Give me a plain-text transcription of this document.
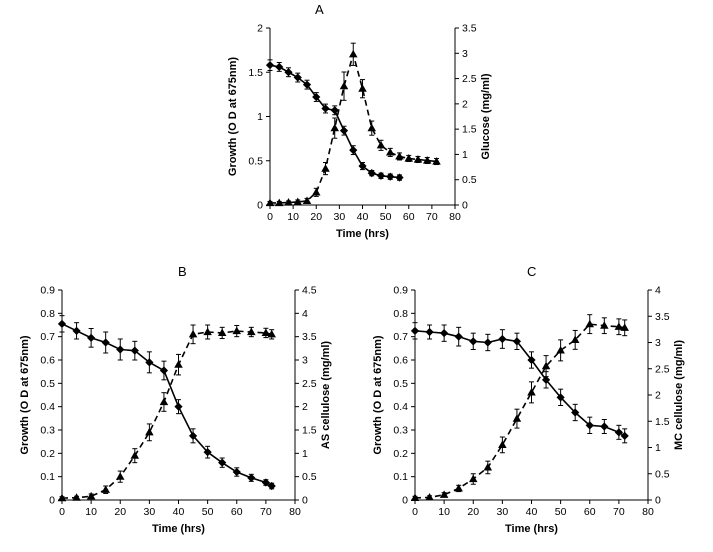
A
0 10 20 30 40 50 60 70 80
0
0.5
1
1.5
2
0
0.5
1
1.5
2
2.5
3
3.5
Time (hrs)
Growth (O D at 675nm)	Glucose (mg/ml)
B
0 10 20 30 40 50 60 70 80
0
0.1
0.2
0.3
0.4
0.5
0.6
0.7
0.8
0.9
0
0.5
1
1.5
2
2.5
3
3.5
4
4.5
Time (hrs)
Growth (O D at 675nm)	AS cellulose (mg/ml)
C
0 10 20 30 40 50 60 70 80
0
0.1
0.2
0.3
0.4
0.5
0.6
0.7
0.8
0.9
0
0.5
1
1.5
2
2.5
3
3.5
4
Time (hrs)
Growth (O D at 675nm)	MC cellulose (mg/ml)
